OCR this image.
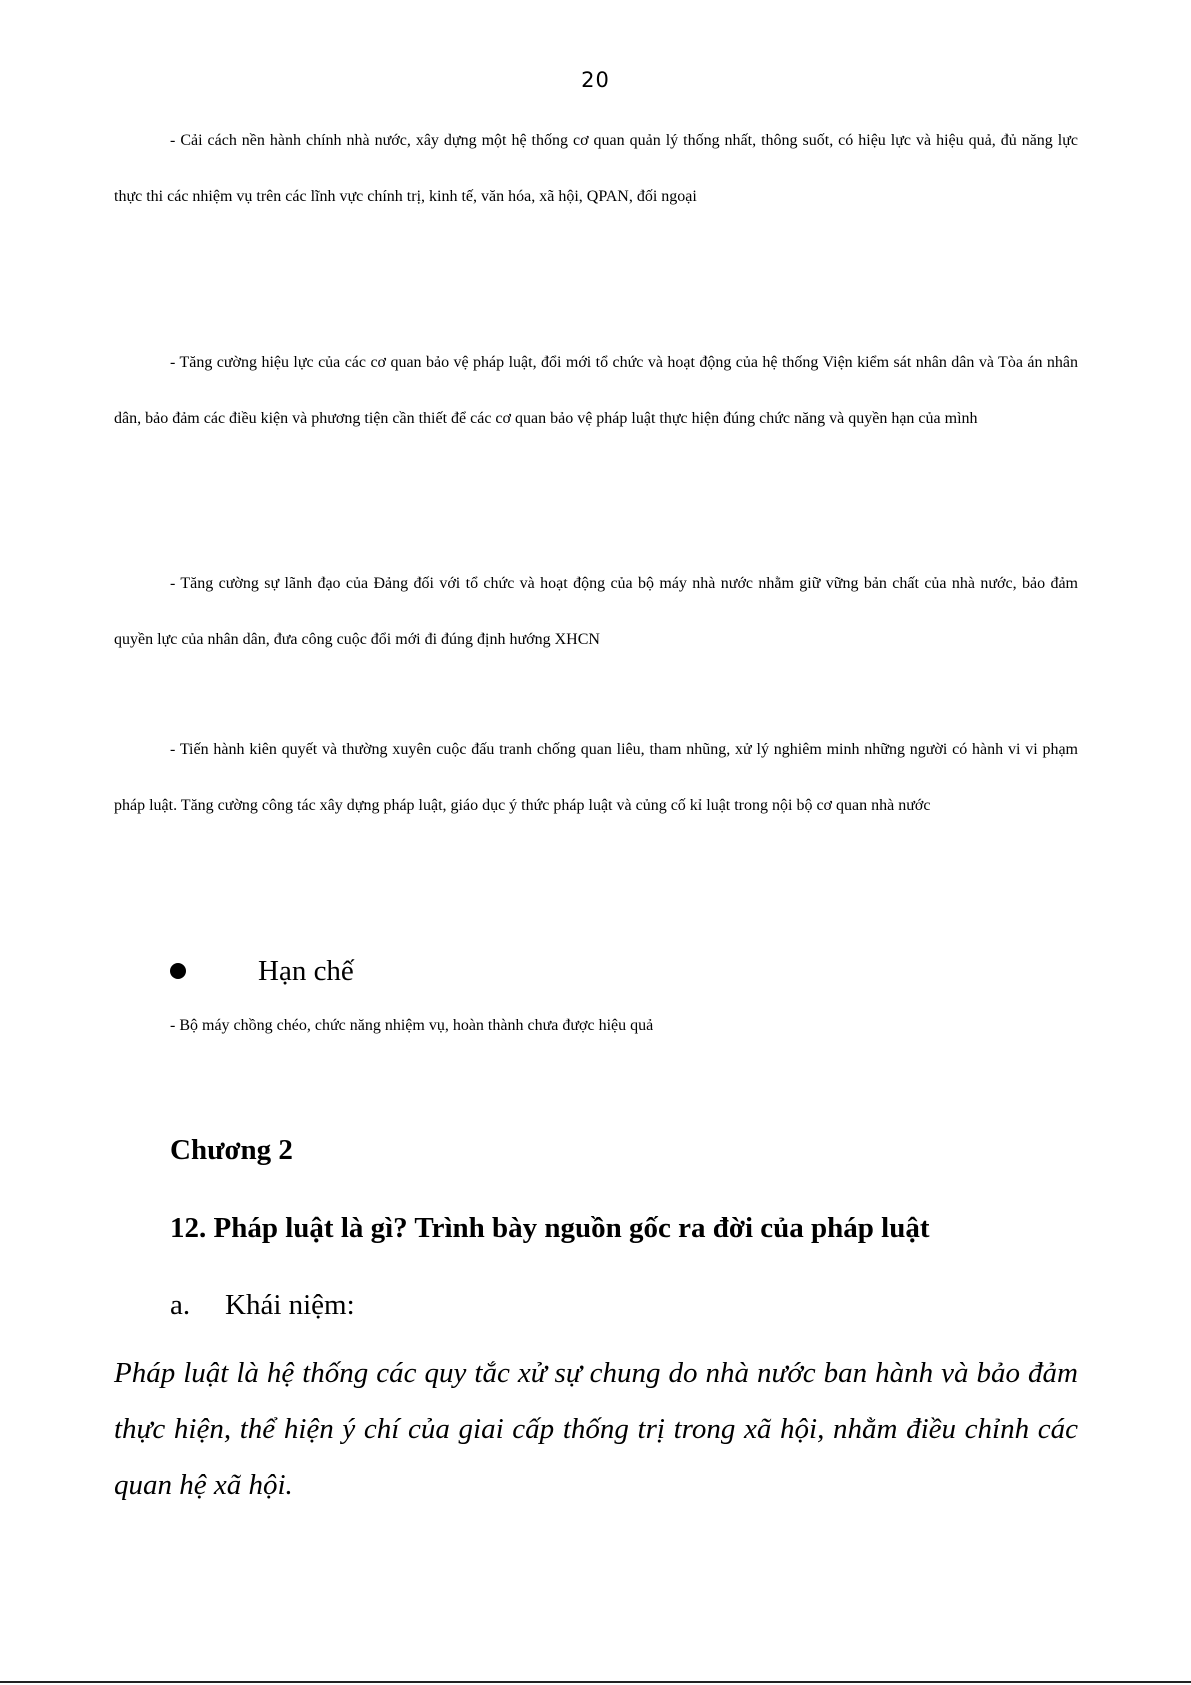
20

- Cải cách nền hành chính nhà nước, xây dựng một hệ thống cơ quan quản lý thống nhất, thông suốt, có hiệu lực và hiệu quả, đủ năng lực thực thi các nhiệm vụ trên các lĩnh vực chính trị, kinh tế, văn hóa, xã hội, QPAN, đối ngoại

- Tăng cường hiệu lực của các cơ quan bảo vệ pháp luật, đổi mới tổ chức và hoạt động của hệ thống Viện kiểm sát nhân dân và Tòa án nhân dân, bảo đảm các điều kiện và phương tiện cần thiết để các cơ quan bảo vệ pháp luật thực hiện đúng chức năng và quyền hạn của mình

- Tăng cường sự lãnh đạo của Đảng đối với tổ chức và hoạt động của bộ máy nhà nước nhằm giữ vững bản chất của nhà nước, bảo đảm quyền lực của nhân dân, đưa công cuộc đổi mới đi đúng định hướng XHCN

- Tiến hành kiên quyết và thường xuyên cuộc đấu tranh chống quan liêu, tham nhũng, xử lý nghiêm minh những người có hành vi vi phạm pháp luật. Tăng cường công tác xây dựng pháp luật, giáo dục ý thức pháp luật và củng cố kỉ luật trong nội bộ cơ quan nhà nước

Hạn chế

- Bộ máy chồng chéo, chức năng nhiệm vụ, hoàn thành chưa được hiệu quả

Chương 2
12. Pháp luật là gì? Trình bày nguồn gốc ra đời của pháp luật
a. Khái niệm:

Pháp luật là hệ thống các quy tắc xử sự chung do nhà nước ban hành và bảo đảm thực hiện, thể hiện ý chí của giai cấp thống trị trong xã hội, nhằm điều chỉnh các quan hệ xã hội.
